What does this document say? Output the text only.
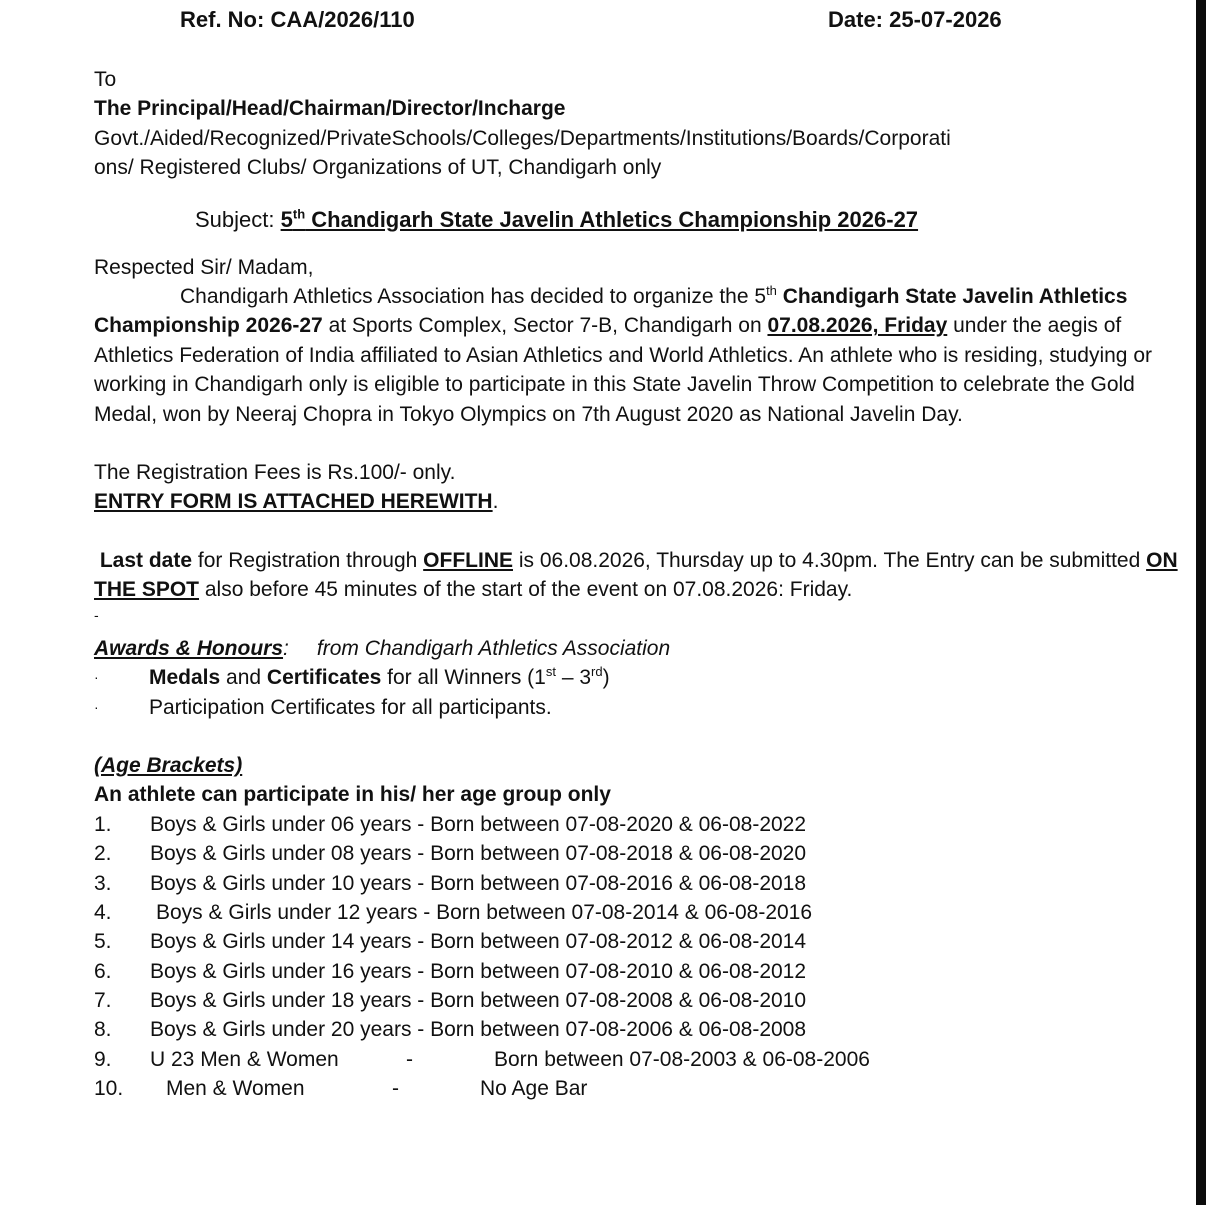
Ref. No: CAA/2026/110	Date: 25-07-2026
To
The Principal/Head/Chairman/Director/Incharge
Govt./Aided/Recognized/PrivateSchools/Colleges/Departments/Institutions/Boards/Corporati
ons/ Registered Clubs/ Organizations of UT, Chandigarh only
Subject: 5th Chandigarh State Javelin Athletics Championship 2026-27
Respected Sir/ Madam,
Chandigarh Athletics Association has decided to organize the 5th Chandigarh State Javelin Athletics Championship 2026-27 at Sports Complex, Sector 7-B, Chandigarh on 07.08.2026, Friday under the aegis of Athletics Federation of India affiliated to Asian Athletics and World Athletics. An athlete who is residing, studying or working in Chandigarh only is eligible to participate in this State Javelin Throw Competition to celebrate the Gold Medal, won by Neeraj Chopra in Tokyo Olympics on 7th August 2020 as National Javelin Day.
The Registration Fees is Rs.100/- only.
ENTRY FORM IS ATTACHED HEREWITH.
Last date for Registration through OFFLINE is 06.08.2026, Thursday up to 4.30pm. The Entry can be submitted ON THE SPOT also before 45 minutes of the start of the event on 07.08.2026: Friday.
-
Awards & Honours: from Chandigarh Athletics Association
· Medals and Certificates for all Winners (1st – 3rd)
· Participation Certificates for all participants.
(Age Brackets)
An athlete can participate in his/ her age group only
1. Boys & Girls under 06 years - Born between 07-08-2020 & 06-08-2022
2. Boys & Girls under 08 years - Born between 07-08-2018 & 06-08-2020
3. Boys & Girls under 10 years - Born between 07-08-2016 & 06-08-2018
4. Boys & Girls under 12 years - Born between 07-08-2014 & 06-08-2016
5. Boys & Girls under 14 years - Born between 07-08-2012 & 06-08-2014
6. Boys & Girls under 16 years - Born between 07-08-2010 & 06-08-2012
7. Boys & Girls under 18 years - Born between 07-08-2008 & 06-08-2010
8. Boys & Girls under 20 years - Born between 07-08-2006 & 06-08-2008
9. U 23 Men & Women	-	Born between 07-08-2003 & 06-08-2006
10. Men & Women	-	No Age Bar
